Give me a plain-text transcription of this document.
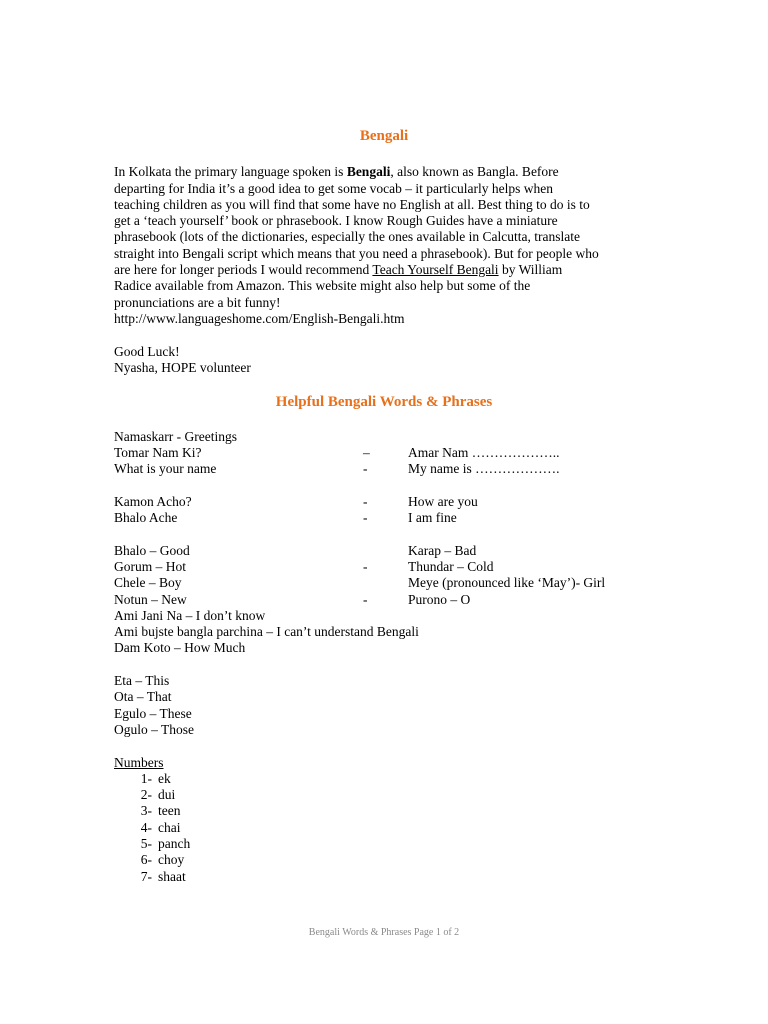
Bengali
In Kolkata the primary language spoken is Bengali, also known as Bangla. Before
departing for India it’s a good idea to get some vocab – it particularly helps when
teaching children as you will find that some have no English at all. Best thing to do is to
get a ‘teach yourself’ book or phrasebook. I know Rough Guides have a miniature
phrasebook (lots of the dictionaries, especially the ones available in Calcutta, translate
straight into Bengali script which means that you need a phrasebook). But for people who
are here for longer periods I would recommend Teach Yourself Bengali by William
Radice available from Amazon. This website might also help but some of the
pronunciations are a bit funny!
http://www.languageshome.com/English-Bengali.htm
Good Luck!
Nyasha, HOPE volunteer
Helpful Bengali Words & Phrases
Namaskarr - Greetings
Tomar Nam Ki?	–	Amar Nam ………………..
What is your name	-	My name is ……………….
Kamon Acho?	-	How are you
Bhalo Ache	-	I am fine
Bhalo – Good	Karap – Bad
Gorum – Hot	-	Thundar – Cold
Chele – Boy	Meye (pronounced like ‘May’)- Girl
Notun – New	-	Purono – O
Ami Jani Na – I don’t know
Ami bujste bangla parchina – I can’t understand Bengali
Dam Koto – How Much
Eta – This
Ota – That
Egulo – These
Ogulo – Those
Numbers
1- ek
2- dui
3- teen
4- chai
5- panch
6- choy
7- shaat
Bengali Words & Phrases Page 1 of 2
